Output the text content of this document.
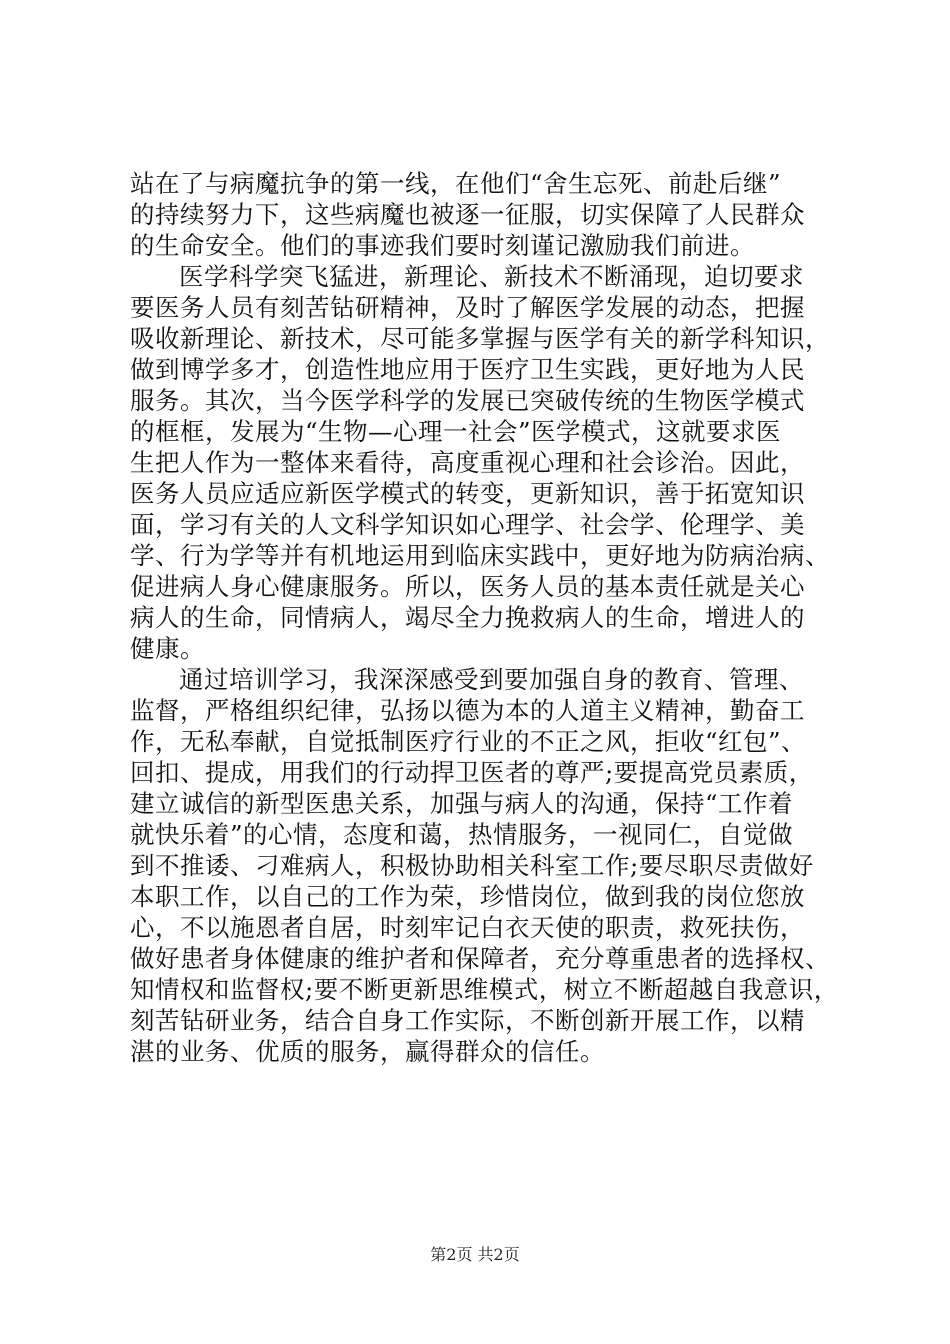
站在了与病魔抗争的第一线，在他们“舍生忘死、前赴后继”
的持续努力下，这些病魔也被逐一征服，切实保障了人民群众
的生命安全。他们的事迹我们要时刻谨记激励我们前进。
医学科学突飞猛进，新理论、新技术不断涌现，迫切要求
要医务人员有刻苦钻研精神，及时了解医学发展的动态，把握
吸收新理论、新技术，尽可能多掌握与医学有关的新学科知识，
做到博学多才，创造性地应用于医疗卫生实践，更好地为人民
服务。其次，当今医学科学的发展已突破传统的生物医学模式
的框框，发展为“生物—心理一社会”医学模式，这就要求医
生把人作为一整体来看待，高度重视心理和社会诊治。因此，
医务人员应适应新医学模式的转变，更新知识，善于拓宽知识
面，学习有关的人文科学知识如心理学、社会学、伦理学、美
学、行为学等并有机地运用到临床实践中，更好地为防病治病、
促进病人身心健康服务。所以，医务人员的基本责任就是关心
病人的生命，同情病人，竭尽全力挽救病人的生命，增进人的
健康。
通过培训学习，我深深感受到要加强自身的教育、管理、
监督，严格组织纪律，弘扬以德为本的人道主义精神，勤奋工
作，无私奉献，自觉抵制医疗行业的不正之风，拒收“红包”、
回扣、提成，用我们的行动捍卫医者的尊严;要提高党员素质，
建立诚信的新型医患关系，加强与病人的沟通，保持“工作着
就快乐着”的心情，态度和蔼，热情服务，一视同仁，自觉做
到不推诿、刁难病人，积极协助相关科室工作;要尽职尽责做好
本职工作，以自己的工作为荣，珍惜岗位，做到我的岗位您放
心，不以施恩者自居，时刻牢记白衣天使的职责，救死扶伤，
做好患者身体健康的维护者和保障者，充分尊重患者的选择权、
知情权和监督权;要不断更新思维模式，树立不断超越自我意识，
刻苦钻研业务，结合自身工作实际，不断创新开展工作，以精
湛的业务、优质的服务，赢得群众的信任。
第2页 共2页
